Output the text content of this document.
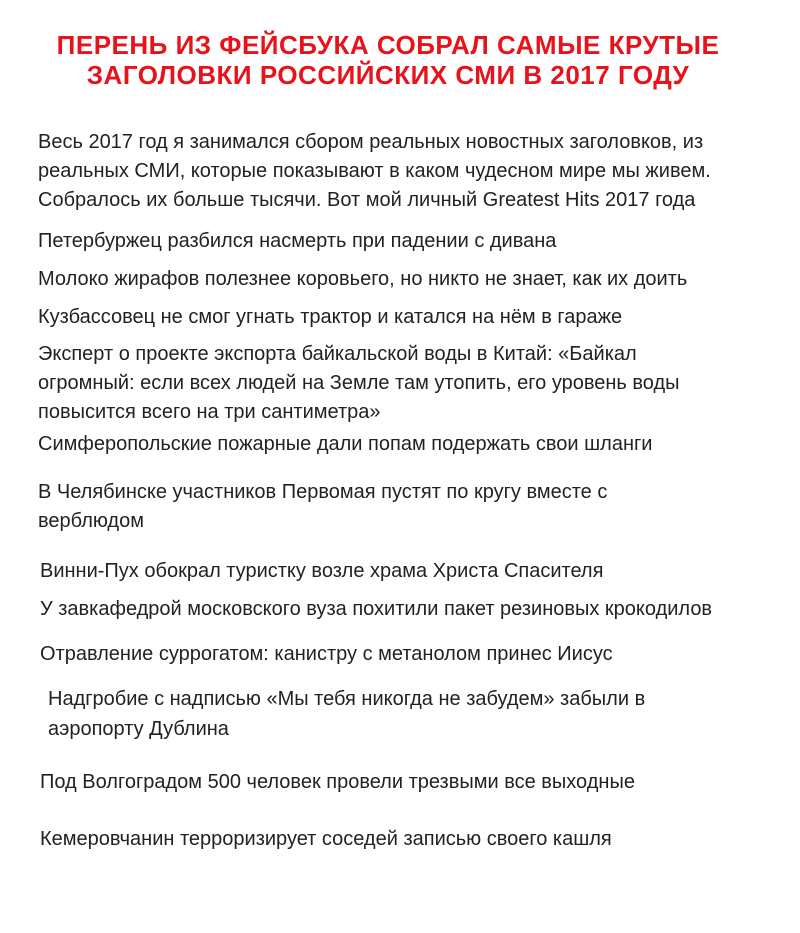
ПЕРЕНЬ ИЗ ФЕЙСБУКА СОБРАЛ САМЫЕ КРУТЫЕ
ЗАГОЛОВКИ РОССИЙСКИХ СМИ В 2017 ГОДУ

Весь 2017 год я занимался сбором реальных новостных заголовков, из

реальных СМИ, которые показывают в каком чудесном мире мы живем.

Собралось их больше тысячи. Вот мой личный Greatest Hits 2017 года

Петербуржец разбился насмерть при падении с дивана

Молоко жирафов полезнее коровьего, но никто не знает, как их доить

Кузбассовец не смог угнать трактор и катался на нём в гараже

Эксперт о проекте экспорта байкальской воды в Китай: «Байкал

огромный: если всех людей на Земле там утопить, его уровень воды

повысится всего на три сантиметра»

Симферопольские пожарные дали попам подержать свои шланги

В Челябинске участников Первомая пустят по кругу вместе с

верблюдом

Винни-Пух обокрал туристку возле храма Христа Спасителя

У завкафедрой московского вуза похитили пакет резиновых крокодилов

Отравление суррогатом: канистру с метанолом принес Иисус

Надгробие с надписью «Мы тебя никогда не забудем» забыли в

аэропорту Дублина

Под Волгоградом 500 человек провели трезвыми все выходные

Кемеровчанин терроризирует соседей записью своего кашля
